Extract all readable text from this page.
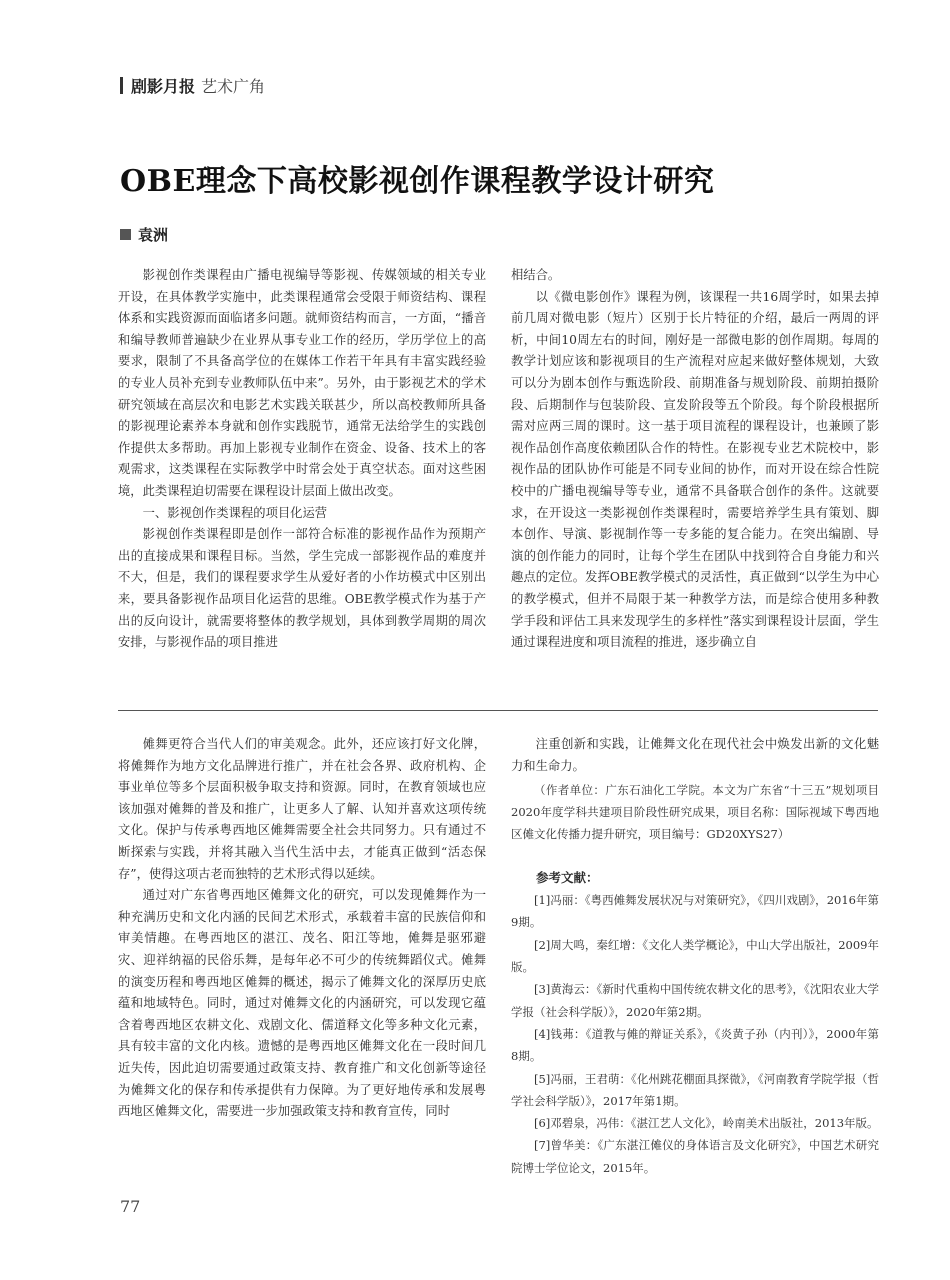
剧影月报 艺术广角
OBE理念下高校影视创作课程教学设计研究
袁洲

影视创作类课程由广播电视编导等影视、传媒领域的相关专业开设，在具体教学实施中，此类课程通常会受限于师资结构、课程体系和实践资源而面临诸多问题。就师资结构而言，一方面，“播音和编导教师普遍缺少在业界从事专业工作的经历，学历学位上的高要求，限制了不具备高学位的在媒体工作若干年具有丰富实践经验的专业人员补充到专业教师队伍中来”。另外，由于影视艺术的学术研究领域在高层次和电影艺术实践关联甚少，所以高校教师所具备的影视理论素养本身就和创作实践脱节，通常无法给学生的实践创作提供太多帮助。再加上影视专业制作在资金、设备、技术上的客观需求，这类课程在实际教学中时常会处于真空状态。面对这些困境，此类课程迫切需要在课程设计层面上做出改变。

一、影视创作类课程的项目化运营

影视创作类课程即是创作一部符合标准的影视作品作为预期产出的直接成果和课程目标。当然，学生完成一部影视作品的难度并不大，但是，我们的课程要求学生从爱好者的小作坊模式中区别出来，要具备影视作品项目化运营的思维。OBE教学模式作为基于产出的反向设计，就需要将整体的教学规划，具体到教学周期的周次安排，与影视作品的项目推进

相结合。

以《微电影创作》课程为例，该课程一共16周学时，如果去掉前几周对微电影（短片）区别于长片特征的介绍，最后一两周的评析，中间10周左右的时间，刚好是一部微电影的创作周期。每周的教学计划应该和影视项目的生产流程对应起来做好整体规划，大致可以分为剧本创作与甄选阶段、前期准备与规划阶段、前期拍摄阶段、后期制作与包装阶段、宣发阶段等五个阶段。每个阶段根据所需对应两三周的课时。这一基于项目流程的课程设计，也兼顾了影视作品创作高度依赖团队合作的特性。在影视专业艺术院校中，影视作品的团队协作可能是不同专业间的协作，而对开设在综合性院校中的广播电视编导等专业，通常不具备联合创作的条件。这就要求，在开设这一类影视创作类课程时，需要培养学生具有策划、脚本创作、导演、影视制作等一专多能的复合能力。在突出编剧、导演的创作能力的同时，让每个学生在团队中找到符合自身能力和兴趣点的定位。发挥OBE教学模式的灵活性，真正做到“以学生为中心的教学模式，但并不局限于某一种教学方法，而是综合使用多种教学手段和评估工具来发现学生的多样性”落实到课程设计层面，学生通过课程进度和项目流程的推进，逐步确立自

傩舞更符合当代人们的审美观念。此外，还应该打好文化牌，将傩舞作为地方文化品牌进行推广，并在社会各界、政府机构、企事业单位等多个层面积极争取支持和资源。同时，在教育领域也应该加强对傩舞的普及和推广，让更多人了解、认知并喜欢这项传统文化。保护与传承粤西地区傩舞需要全社会共同努力。只有通过不断探索与实践，并将其融入当代生活中去，才能真正做到“活态保存”，使得这项古老而独特的艺术形式得以延续。

通过对广东省粤西地区傩舞文化的研究，可以发现傩舞作为一种充满历史和文化内涵的民间艺术形式，承载着丰富的民族信仰和审美情趣。在粤西地区的湛江、茂名、阳江等地，傩舞是驱邪避灾、迎祥纳福的民俗乐舞，是每年必不可少的传统舞蹈仪式。傩舞的演变历程和粤西地区傩舞的概述，揭示了傩舞文化的深厚历史底蕴和地域特色。同时，通过对傩舞文化的内涵研究，可以发现它蕴含着粤西地区农耕文化、戏剧文化、儒道释文化等多种文化元素，具有较丰富的文化内核。遗憾的是粤西地区傩舞文化在一段时间几近失传，因此迫切需要通过政策支持、教育推广和文化创新等途径为傩舞文化的保存和传承提供有力保障。为了更好地传承和发展粤西地区傩舞文化，需要进一步加强政策支持和教育宣传，同时

注重创新和实践，让傩舞文化在现代社会中焕发出新的文化魅力和生命力。

（作者单位：广东石油化工学院。本文为广东省“十三五”规划项目2020年度学科共建项目阶段性研究成果，项目名称：国际视域下粤西地区傩文化传播力提升研究，项目编号：GD20XYS27）
参考文献：
[1]冯丽：《粤西傩舞发展状况与对策研究》，《四川戏剧》，2016年第9期。
[2]周大鸣，秦红增：《文化人类学概论》，中山大学出版社，2009年版。
[3]黄海云：《新时代重构中国传统农耕文化的思考》，《沈阳农业大学学报（社会科学版）》，2020年第2期。
[4]钱茀：《道教与傩的辩证关系》，《炎黄子孙（内刊）》，2000年第8期。
[5]冯丽，王君萌：《化州跳花棚面具探微》，《河南教育学院学报（哲学社会科学版）》，2017年第1期。
[6]邓碧泉，冯伟：《湛江艺人文化》，岭南美术出版社，2013年版。
[7]曾华美：《广东湛江傩仪的身体语言及文化研究》，中国艺术研究院博士学位论文，2015年。
77
